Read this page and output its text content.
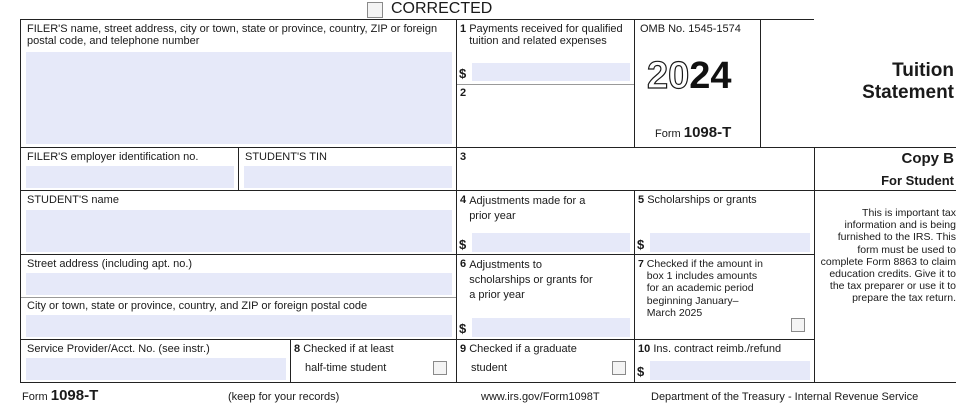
CORRECTED
FILER'S name, street address, city or town, state or province, country, ZIP or foreign postal code, and telephone number
1 Payments received for qualified tuition and related expenses
$
2
OMB No. 1545-1574
2024
Form 1098-T
Tuition
Statement
FILER'S employer identification no.	STUDENT'S TIN	3	Copy B
For Student
STUDENT'S name	4 Adjustments made for a prior year
$
5 Scholarships or grants
$
This is important tax information and is being furnished to the IRS. This form must be used to complete Form 8863 to claim education credits. Give it to the tax preparer or use it to prepare the tax return.
Street address (including apt. no.)
City or town, state or province, country, and ZIP or foreign postal code
6 Adjustments to scholarships or grants for a prior year
$
7 Checked if the amount in box 1 includes amounts for an academic period beginning January–March 2025
Service Provider/Acct. No. (see instr.)	8 Checked if at least
half-time student
9 Checked if a graduate
student
10 Ins. contract reimb./refund
$
Form 1098-T	(keep for your records)	www.irs.gov/Form1098T	Department of the Treasury - Internal Revenue Service
